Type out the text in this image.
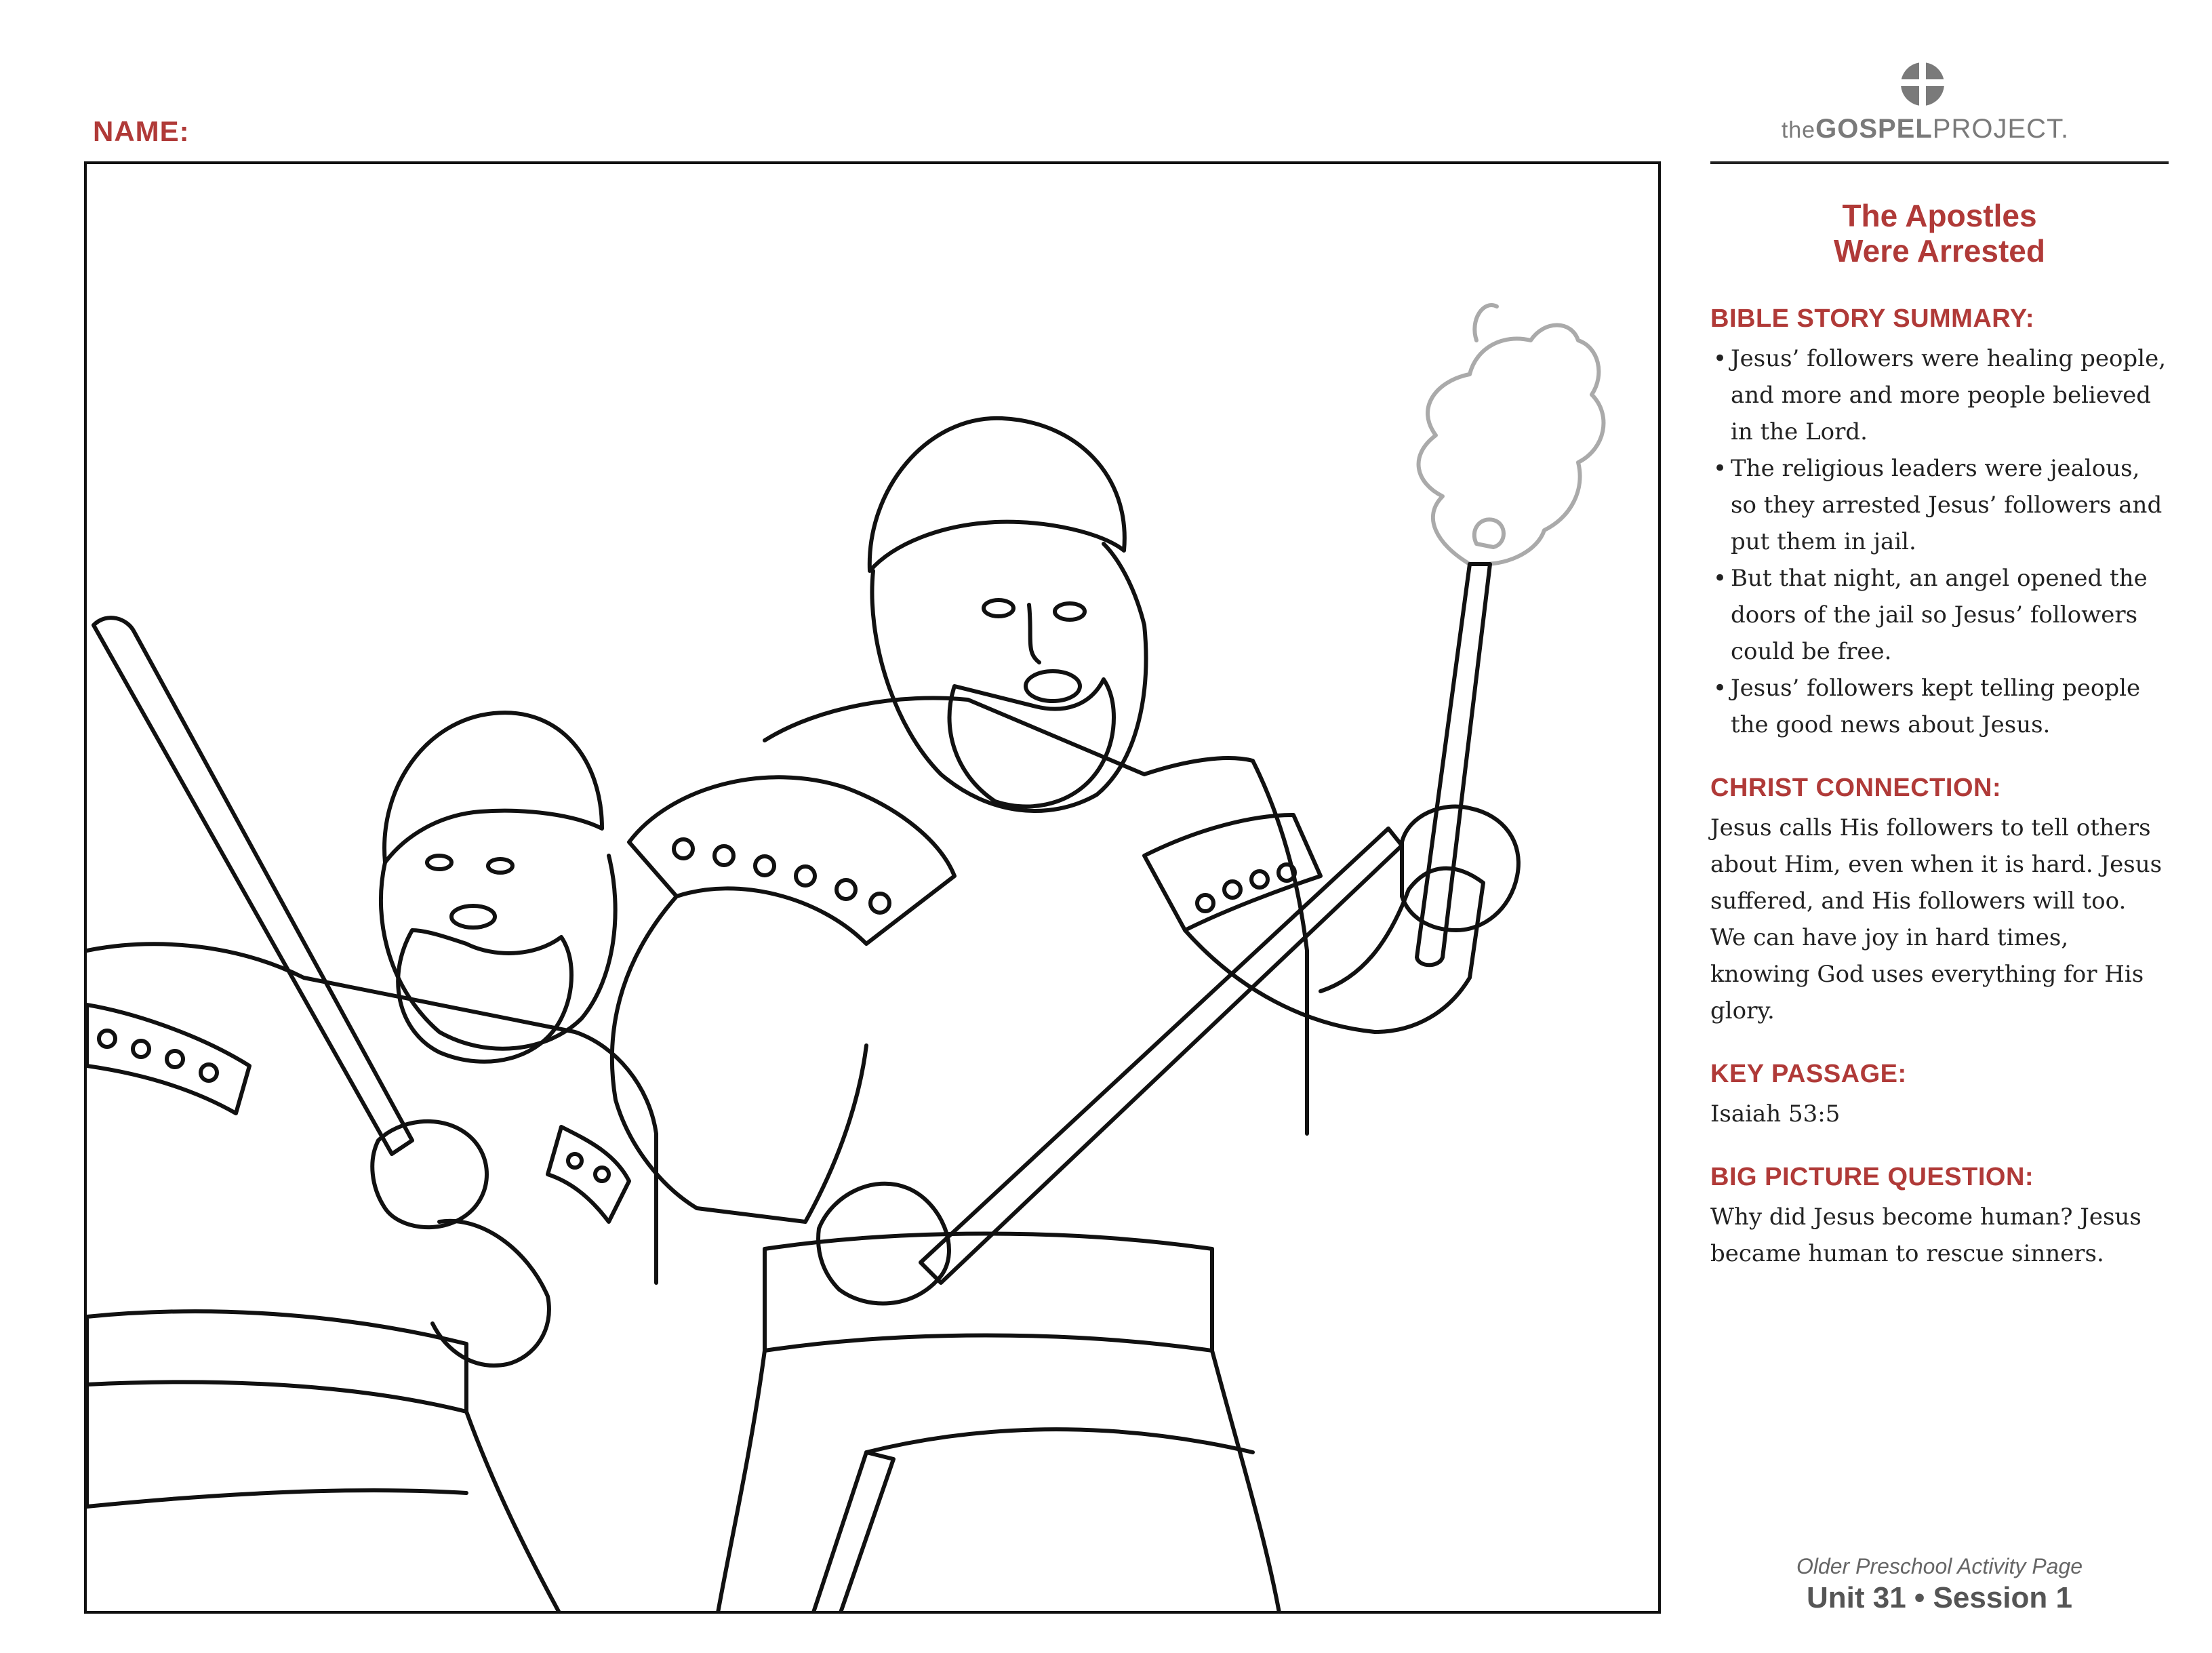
NAME:	theGOSPELPROJECT.
The Apostles
Were Arrested
BIBLE STORY SUMMARY:
• Jesus’ followers were healing people, and more and more people believed in the Lord.
• The religious leaders were jealous, so they arrested Jesus’ followers and put them in jail.
• But that night, an angel opened the doors of the jail so Jesus’ followers could be free.
• Jesus’ followers kept telling people the good news about Jesus.
CHRIST CONNECTION:
Jesus calls His followers to tell others about Him, even when it is hard. Jesus suffered, and His followers will too. We can have joy in hard times, knowing God uses everything for His glory.
KEY PASSAGE:
Isaiah 53:5
BIG PICTURE QUESTION:
Why did Jesus become human? Jesus became human to rescue sinners.
Older Preschool Activity Page
Unit 31 • Session 1
